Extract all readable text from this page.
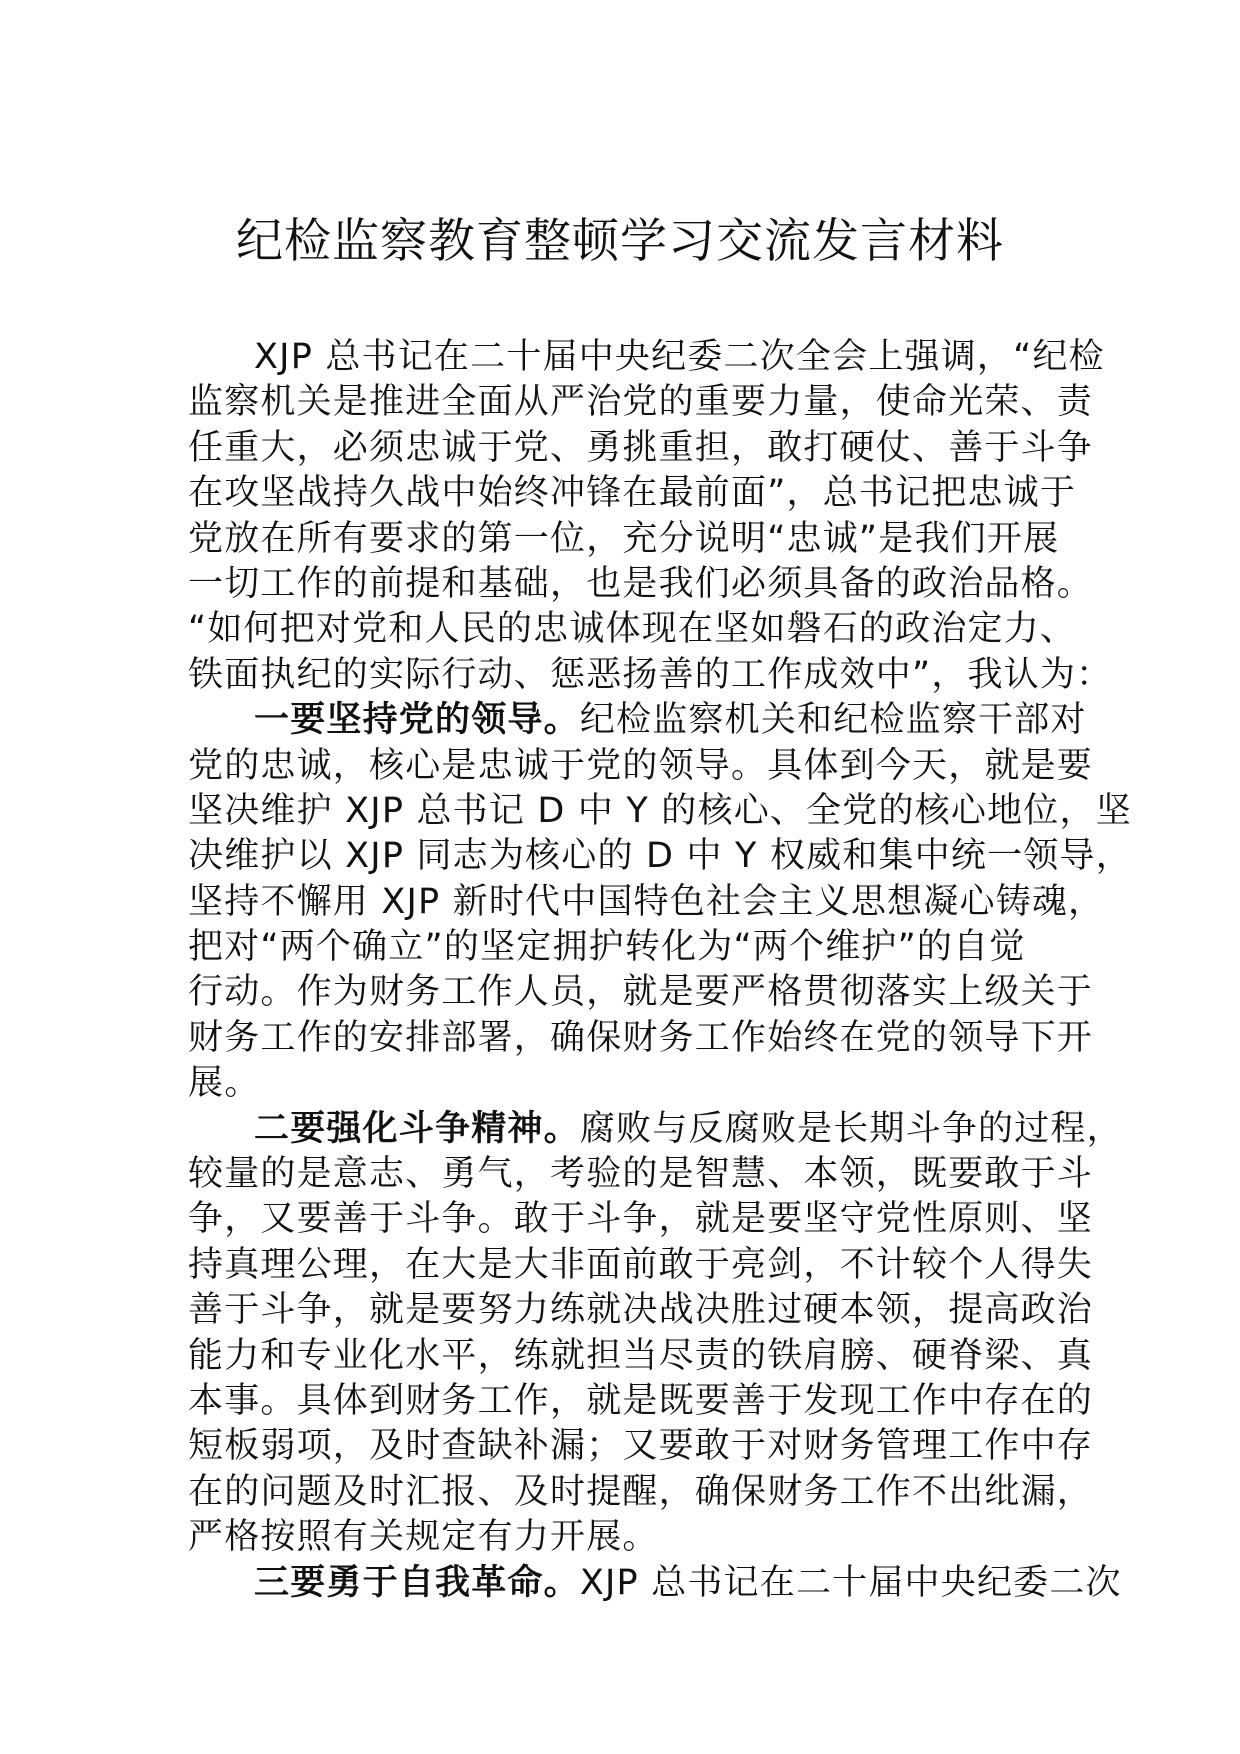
纪检监察教育整顿学习交流发言材料
XJP 总书记在二十届中央纪委二次全会上强调，“纪检
监察机关是推进全面从严治党的重要力量，使命光荣、责
任重大，必须忠诚于党、勇挑重担，敢打硬仗、善于斗争
在攻坚战持久战中始终冲锋在最前面”，总书记把忠诚于
党放在所有要求的第一位，充分说明“忠诚”是我们开展
一切工作的前提和基础，也是我们必须具备的政治品格。
“如何把对党和人民的忠诚体现在坚如磐石的政治定力、
铁面执纪的实际行动、惩恶扬善的工作成效中”，我认为：
一要坚持党的领导。纪检监察机关和纪检监察干部对
党的忠诚，核心是忠诚于党的领导。具体到今天，就是要
坚决维护 XJP 总书记 D 中 Y 的核心、全党的核心地位，坚
决维护以 XJP 同志为核心的 D 中 Y 权威和集中统一领导，
坚持不懈用 XJP 新时代中国特色社会主义思想凝心铸魂，
把对“两个确立”的坚定拥护转化为“两个维护”的自觉
行动。作为财务工作人员，就是要严格贯彻落实上级关于
财务工作的安排部署，确保财务工作始终在党的领导下开
展。
二要强化斗争精神。腐败与反腐败是长期斗争的过程，
较量的是意志、勇气，考验的是智慧、本领，既要敢于斗
争，又要善于斗争。敢于斗争，就是要坚守党性原则、坚
持真理公理，在大是大非面前敢于亮剑，不计较个人得失
善于斗争，就是要努力练就决战决胜过硬本领，提高政治
能力和专业化水平，练就担当尽责的铁肩膀、硬脊梁、真
本事。具体到财务工作，就是既要善于发现工作中存在的
短板弱项，及时查缺补漏；又要敢于对财务管理工作中存
在的问题及时汇报、及时提醒，确保财务工作不出纰漏，
严格按照有关规定有力开展。
三要勇于自我革命。XJP 总书记在二十届中央纪委二次
